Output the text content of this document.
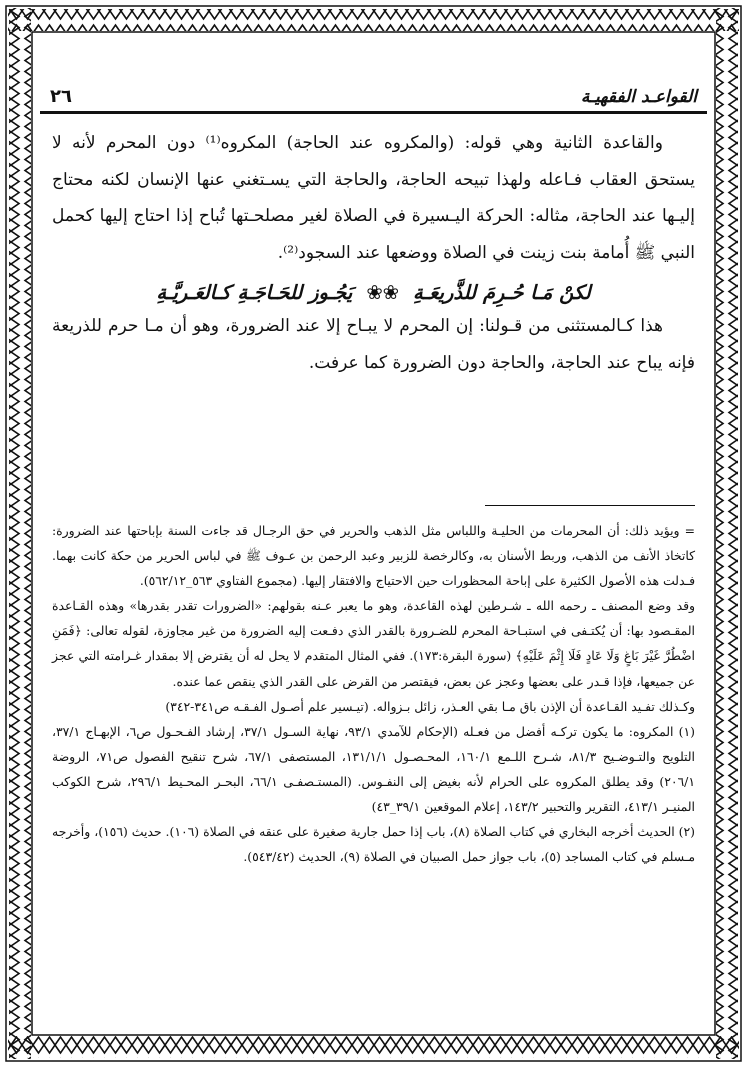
القواعـد الفقهيـة
٢٦

والقاعدة الثانية وهي قوله: (والمكروه عند الحاجة) المكروه⁽¹⁾ دون المحرم لأنه لا يستحق العقاب فـاعله ولهذا تبيحه الحاجة، والحاجة التي يسـتغني عنها الإنسان لكنه محتاج إليـها عند الحاجة، مثاله: الحركة اليـسيرة في الصلاة لغير مصلحـتها تُباح إذا احتاج إليها كحمل النبي ﷺ أُمامة بنت زينت في الصلاة ووضعها عند السجود⁽²⁾.

لكنْ مَـا حُـرِمَ للذَّريعَـةِ❀❀يَجُـوز للحَـاجَـةِ كـالعَـريَّـةِ

هذا كـالمستثنى من قـولنا: إن المحرم لا يبـاح إلا عند الضرورة، وهو أن مـا حرم للذريعة فإنه يباح عند الحاجة، والحاجة دون الضرورة كما عرفت.

= ويؤيد ذلك: أن المحرمات من الحليـة واللباس مثل الذهب والحرير في حق الرجـال قد جاءت السنة بإباحتها عند الضرورة: كاتخاذ الأنف من الذهب، وربط الأسنان به، وكالرخصة للزبير وعبد الرحمن بن عـوف ﷺ في لباس الحرير من حكة كانت بهما. فـدلت هذه الأصول الكثيرة على إباحة المحظورات حين الاحتياج والافتقار إليها. (مجموع الفتاوي ٥٦٣_٥٦٢/١٢).

وقد وضع المصنف ـ رحمه الله ـ شـرطين لهذه القاعدة، وهو ما يعبر عـنه بقولهم: «الضرورات تقدر بقدرها» وهذه القـاعدة المقـصود بها: أن يُكتـفى في استبـاحة المحرم للضـرورة بالقدر الذي دفـعت إليه الضرورة من غير مجاوزة، لقوله تعالى: ﴿فَمَنِ اضْطُرَّ غَيْرَ بَاغٍ وَلَا عَادٍ فَلَا إِثْمَ عَلَيْهِ﴾ (سورة البقرة:١٧٣). ففي المثال المتقدم لا يحل له أن يقترض إلا بمقدار غـرامته التي عجز عن جميعها، فإذا قـدر على بعضها وعجز عن بعض، فيقتصر من القرض على القدر الذي ينقص عما عنده.

وكـذلك تفـيد القـاعدة أن الإذن باق مـا بقي العـذر، زائل بـزواله. (تيـسير علم أصـول الفـقـه ص٣٤١-٣٤٢)

(١) المكروه: ما يكون تركـه أفضل من فعـله (الإحكام للآمدي ٩٣/١، نهاية السـول ٣٧/١، إرشاد الفـحـول ص٦، الإبهـاج ٣٧/١، التلويح والتـوضـيح ٨١/٣، شـرح اللـمع ١٦٠/١، المحـصـول ١٣١/١/١، المستصفى ٦٧/١، شرح تنقيح الفصول ص٧١، الروضة ٢٠٦/١) وقد يطلق المكروه على الحرام لأنه بغيض إلى النفـوس. (المستـصفـى ٦٦/١، البحـر المحـيط ٢٩٦/١، شرح الكوكب المنيـر ٤١٣/١، التقرير والتحبير ١٤٣/٢، إعلام الموقعين ٣٩/١_٤٣)

(٢) الحديث أخرجه البخاري في كتاب الصلاة (٨)، باب إذا حمل جارية صغيرة على عنقه في الصلاة (١٠٦). حديث (١٥٦)، وأخرجه مـسلم في كتاب المساجد (٥)، باب جواز حمل الصبيان في الصلاة (٩)، الحديث (٥٤٣/٤٢).
